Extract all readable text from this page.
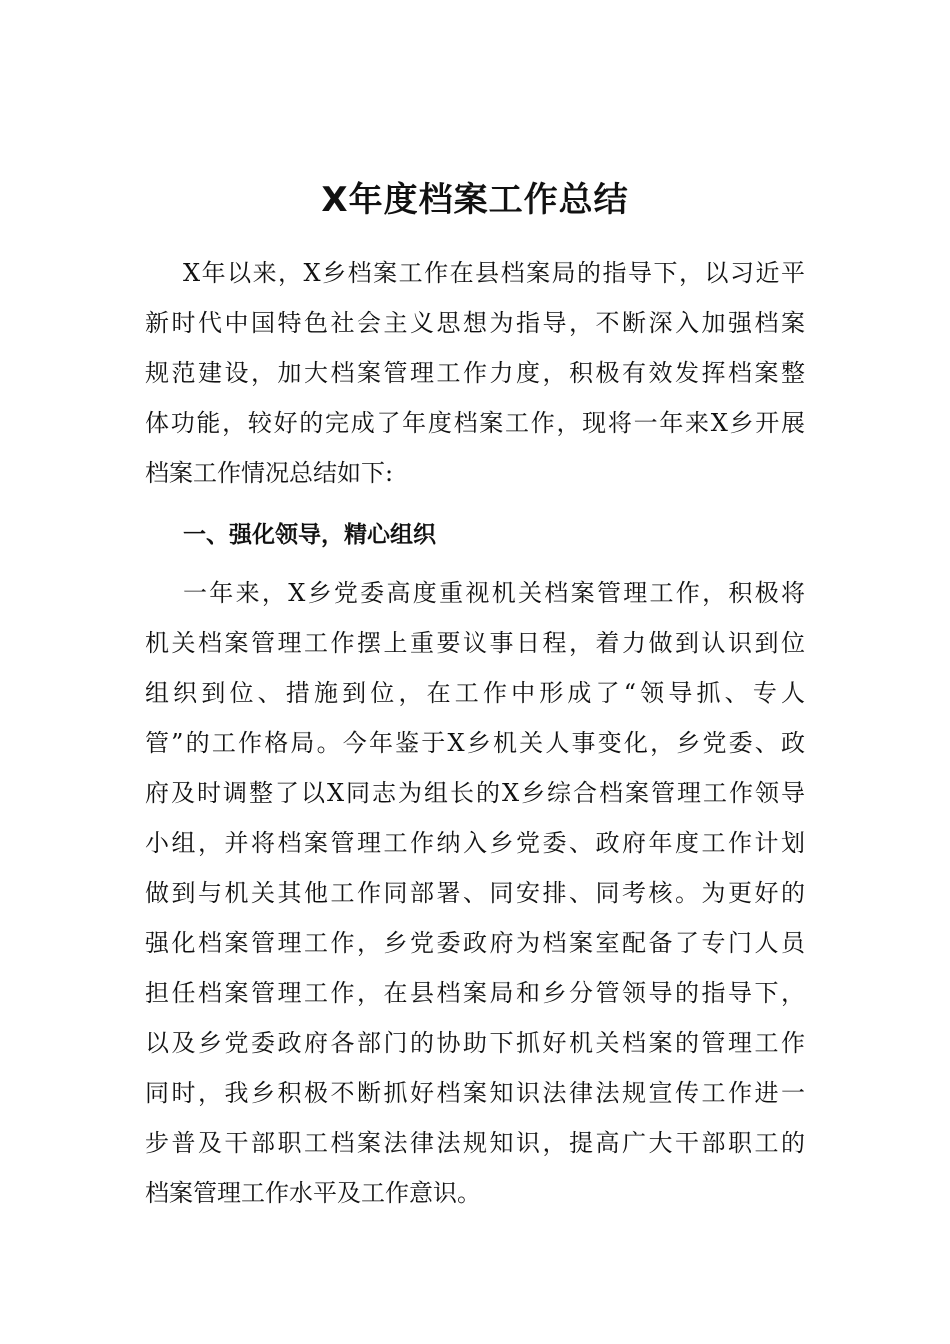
X年度档案工作总结
X年以来，X乡档案工作在县档案局的指导下，以习近平
新时代中国特色社会主义思想为指导，不断深入加强档案
规范建设，加大档案管理工作力度，积极有效发挥档案整
体功能，较好的完成了年度档案工作，现将一年来X乡开展
档案工作情况总结如下:
一、强化领导，精心组织
一年来，X乡党委高度重视机关档案管理工作，积极将
机关档案管理工作摆上重要议事日程，着力做到认识到位
组织到位、措施到位，在工作中形成了“领导抓、专人
管”的工作格局。今年鉴于X乡机关人事变化，乡党委、政
府及时调整了以X同志为组长的X乡综合档案管理工作领导
小组，并将档案管理工作纳入乡党委、政府年度工作计划
做到与机关其他工作同部署、同安排、同考核。为更好的
强化档案管理工作，乡党委政府为档案室配备了专门人员
担任档案管理工作，在县档案局和乡分管领导的指导下，
以及乡党委政府各部门的协助下抓好机关档案的管理工作
同时，我乡积极不断抓好档案知识法律法规宣传工作进一
步普及干部职工档案法律法规知识，提高广大干部职工的
档案管理工作水平及工作意识。
